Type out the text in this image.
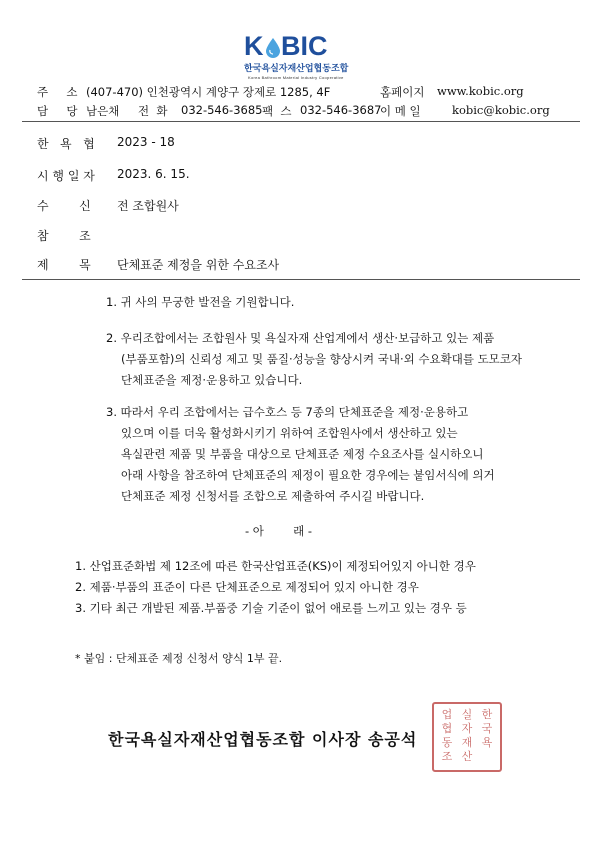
K BIC
한국욕실자재산업협동조합
Korea Bathroom Material Industry Cooperative
주     소 (407-470) 인천광역시 계양구 장제로 1285, 4F	홈페이지 www.kobic.org
담     당 남은채 전  화 032-546-3685 팩  스 032-546-3687
이 메 일	kobic@kobic.org
한   욕   협 2023 - 18
시 행 일 자 2023. 6. 15.
수        신 전 조합원사
참        조
제        목 단체표준 제정을 위한 수요조사
1. 귀 사의 무궁한 발전을 기원합니다.
2. 우리조합에서는 조합원사 및 욕실자재 산업계에서 생산·보급하고 있는 제품
(부품포함)의 신뢰성 제고 및 품질·성능을 향상시켜 국내·외 수요확대를 도모코자
단체표준을 제정·운용하고 있습니다.
3. 따라서 우리 조합에서는 급수호스 등 7종의 단체표준을 제정·운용하고
있으며 이를 더욱 활성화시키기 위하여 조합원사에서 생산하고 있는
욕실관련 제품 및 부품을 대상으로 단체표준 제정 수요조사를 실시하오니
아래 사항을 참조하여 단체표준의 제정이 필요한 경우에는 붙임서식에 의거
단체표준 제정 신청서를 조합으로 제출하여 주시길 바랍니다.
- 아        래 -
1. 산업표준화법 제 12조에 따른 한국산업표준(KS)이 제정되어있지 아니한 경우
2. 제품·부품의 표준이 다른 단체표준으로 제정되어 있지 아니한 경우
3. 기타 최근 개발된 제품.부품중 기술 기준이 없어 애로를 느끼고 있는 경우 등
* 붙임 : 단체표준 제정 신청서 양식 1부 끝.
한국욕실자재산업협동조합 이사장 송공석
한국욕
실자재산
업협동조
